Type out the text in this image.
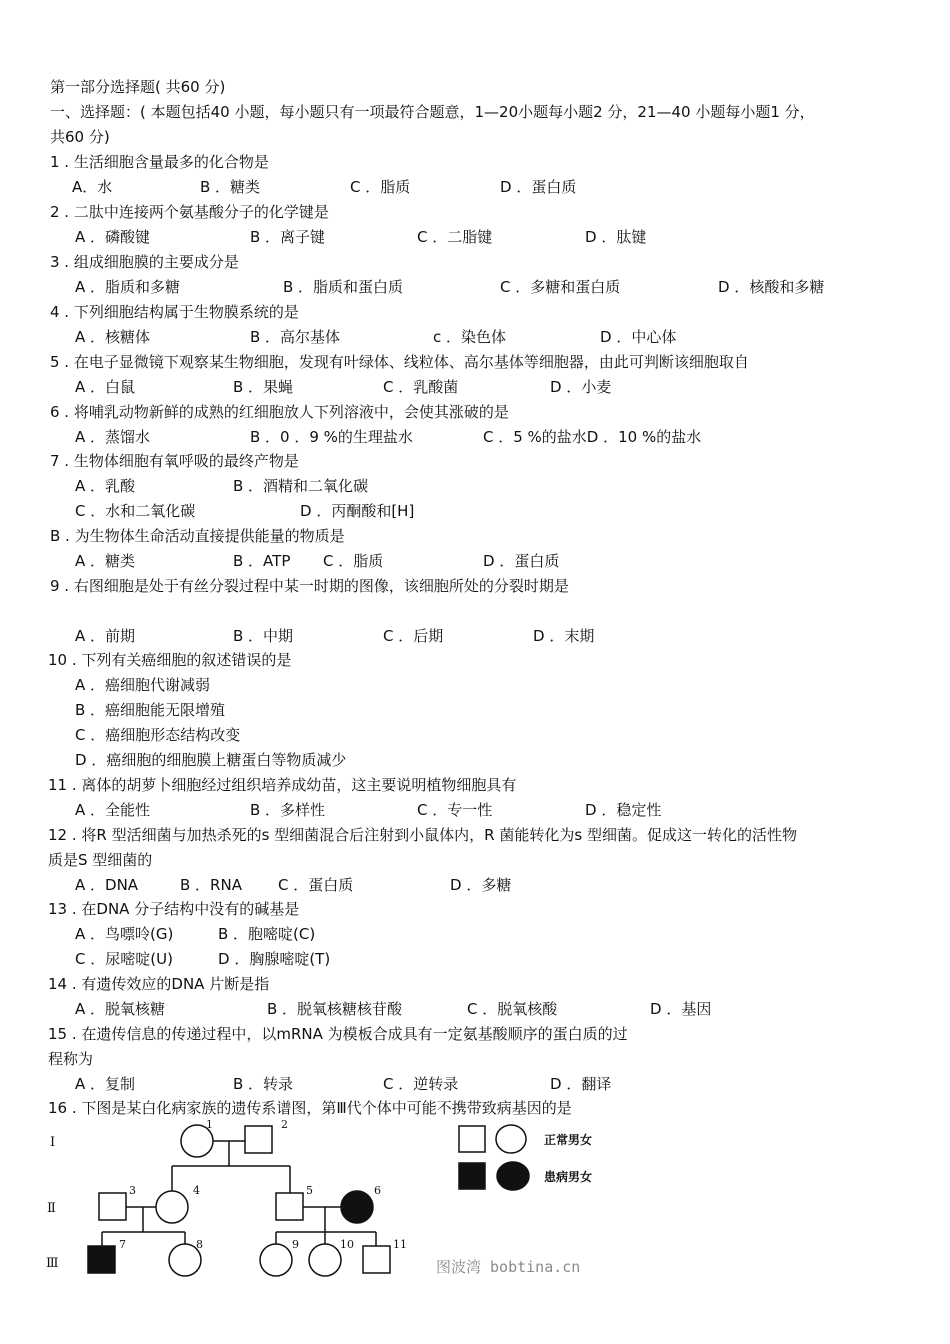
第一部分选择题( 共60 分)
一、选择题：( 本题包括40 小题，每小题只有一项最符合题意，1—20小题每小题2 分，21—40 小题每小题1 分，
共60 分)
1 . 生活细胞含量最多的化合物是
A．水	B ．糖类	C ．脂质	D ．蛋白质
2 . 二肽中连接两个氨基酸分子的化学键是
A ．磷酸键	B ．离子键	C ．二脂键	D ．肽键
3 . 组成细胞膜的主要成分是
A ．脂质和多糖	B ．脂质和蛋白质	C ．多糖和蛋白质	D ．核酸和多糖
4 . 下列细胞结构属于生物膜系统的是
A ．核糖体	B ．高尔基体	c ．染色体	D ．中心体
5 . 在电子显微镜下观察某生物细胞，发现有叶绿体、线粒体、高尔基体等细胞器，由此可判断该细胞取自
A ．白鼠	B ．果蝇	C ．乳酸菌	D ．小麦
6 . 将哺乳动物新鲜的成熟的红细胞放人下列溶液中，会使其涨破的是
A ．蒸馏水	B ．0 ．9 %的生理盐水	C ．5 %的盐水D ．10 %的盐水
7 . 生物体细胞有氧呼吸的最终产物是
A ．乳酸	B ．酒精和二氧化碳
C ．水和二氧化碳	D ．丙酮酸和[H]
B . 为生物体生命活动直接提供能量的物质是
A ．糖类	B ．ATP C ．脂质	D ．蛋白质
9 . 右图细胞是处于有丝分裂过程中某一时期的图像，该细胞所处的分裂时期是
A ．前期	B ．中期	C ．后期	D ．末期
10 . 下列有关癌细胞的叙述错误的是
A ．癌细胞代谢减弱
B ．癌细胞能无限增殖
C ．癌细胞形态结构改变
D ．癌细胞的细胞膜上糖蛋白等物质减少
11 . 离体的胡萝卜细胞经过组织培养成幼苗，这主要说明植物细胞具有
A ．全能性	B ．多样性	C ．专一性	D ．稳定性
12 . 将R 型活细菌与加热杀死的s 型细菌混合后注射到小鼠体内，R 菌能转化为s 型细菌。促成这一转化的活性物
质是S 型细菌的
A ．DNA	B ．RNA C ．蛋白质	D ．多糖
13 . 在DNA 分子结构中没有的碱基是
A ．鸟嘌呤(G)	B ．胞嘧啶(C)
C ．尿嘧啶(U)	D ．胸腺嘧啶(T)
14 . 有遗传效应的DNA 片断是指
A ．脱氧核糖	B ．脱氧核糖核苷酸	C ．脱氧核酸	D ．基因
15 . 在遗传信息的传递过程中，以mRNA 为模板合成具有一定氨基酸顺序的蛋白质的过
程称为
A ．复制	B ．转录	C ．逆转录	D ．翻译
16 . 下图是某白化病家族的遗传系谱图，第Ⅲ代个体中可能不携带致病基因的是
I
Ⅱ
Ⅲ
1	2
3	4	5	6
7	8	9	10	11
正常男女
患病男女
图波湾 bobtina.cn
